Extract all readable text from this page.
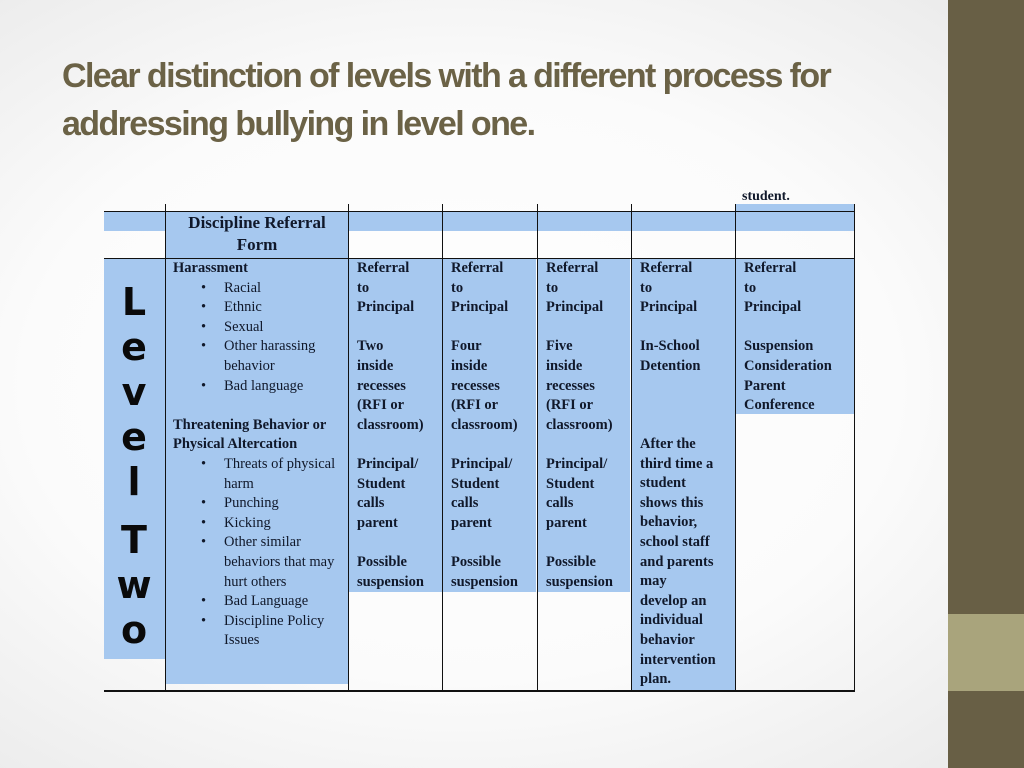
Clear distinction of levels with a different process for addressing bullying in level one.
student.
Discipline Referral Form
L
e
v
e
l
T
w
o
Harassment
• Racial
• Ethnic
• Sexual
• Other harassing behavior
• Bad language
Threatening Behavior or Physical Altercation
• Threats of physical harm
• Punching
• Kicking
• Other similar behaviors that may hurt others
• Bad Language
• Discipline Policy Issues
Referral
to
Principal

Two
inside
recesses
(RFI or
classroom)

Principal/
Student
calls
parent

Possible
suspension
Referral
to
Principal

Four
inside
recesses
(RFI or
classroom)

Principal/
Student
calls
parent

Possible
suspension
Referral
to
Principal

Five
inside
recesses
(RFI or
classroom)

Principal/
Student
calls
parent

Possible
suspension
Referral
to
Principal

In-School
Detention
After the
third time a
student
shows this
behavior,
school staff
and parents
may
develop an
individual
behavior
intervention
plan.
Referral
to
Principal

Suspension
Consideration
Parent
Conference
